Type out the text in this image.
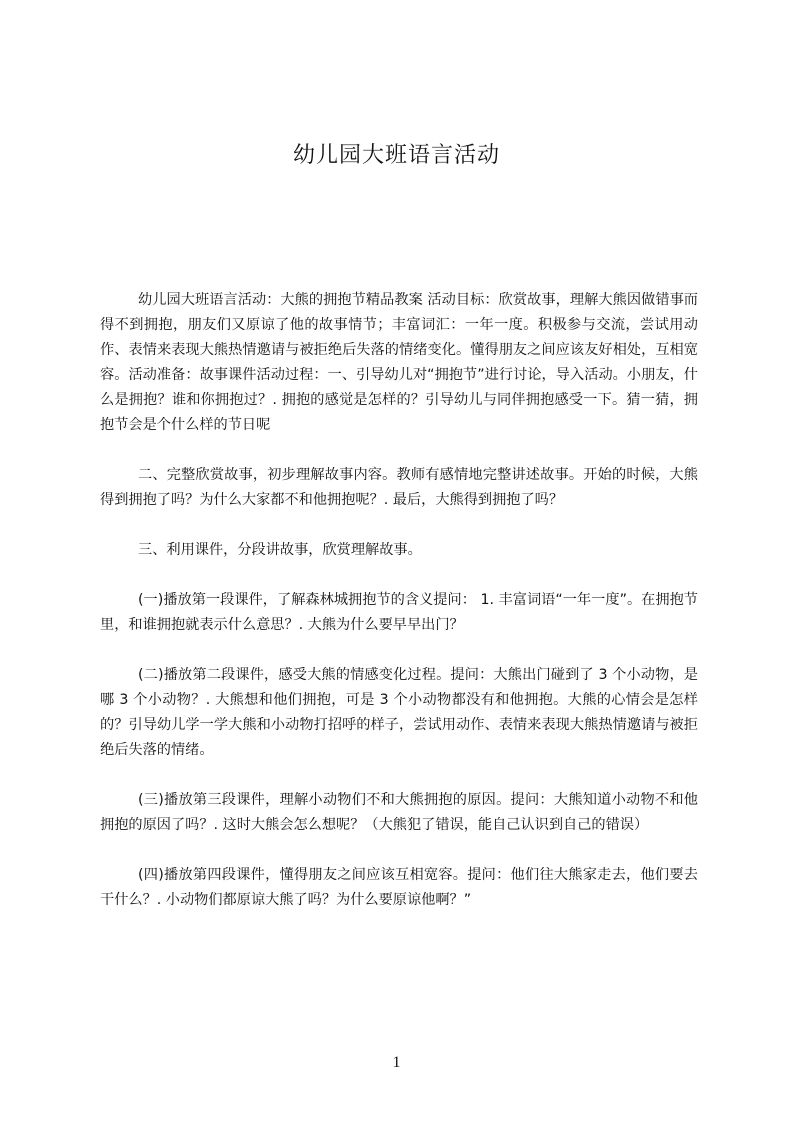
幼儿园大班语言活动

幼儿园大班语言活动：大熊的拥抱节精品教案 活动目标：欣赏故事，理解大熊因做错事而得不到拥抱，朋友们又原谅了他的故事情节；丰富词汇：一年一度。积极参与交流，尝试用动作、表情来表现大熊热情邀请与被拒绝后失落的情绪变化。懂得朋友之间应该友好相处，互相宽容。活动准备：故事课件活动过程：一、引导幼儿对“拥抱节”进行讨论，导入活动。小朋友，什么是拥抱？谁和你拥抱过？. 拥抱的感觉是怎样的？引导幼儿与同伴拥抱感受一下。猜一猜，拥抱节会是个什么样的节日呢

二、完整欣赏故事，初步理解故事内容。教师有感情地完整讲述故事。开始的时候，大熊得到拥抱了吗？为什么大家都不和他拥抱呢？. 最后，大熊得到拥抱了吗？

三、利用课件，分段讲故事，欣赏理解故事。

(一)播放第一段课件，了解森林城拥抱节的含义提问： 1. 丰富词语“一年一度”。在拥抱节里，和谁拥抱就表示什么意思？. 大熊为什么要早早出门？

(二)播放第二段课件，感受大熊的情感变化过程。提问：大熊出门碰到了 3 个小动物，是哪 3 个小动物？. 大熊想和他们拥抱，可是 3 个小动物都没有和他拥抱。大熊的心情会是怎样的？引导幼儿学一学大熊和小动物打招呼的样子，尝试用动作、表情来表现大熊热情邀请与被拒绝后失落的情绪。

(三)播放第三段课件，理解小动物们不和大熊拥抱的原因。提问：大熊知道小动物不和他拥抱的原因了吗？. 这时大熊会怎么想呢？（大熊犯了错误，能自己认识到自己的错误）

(四)播放第四段课件，懂得朋友之间应该互相宽容。提问：他们往大熊家走去，他们要去干什么？. 小动物们都原谅大熊了吗？为什么要原谅他啊？”

1
